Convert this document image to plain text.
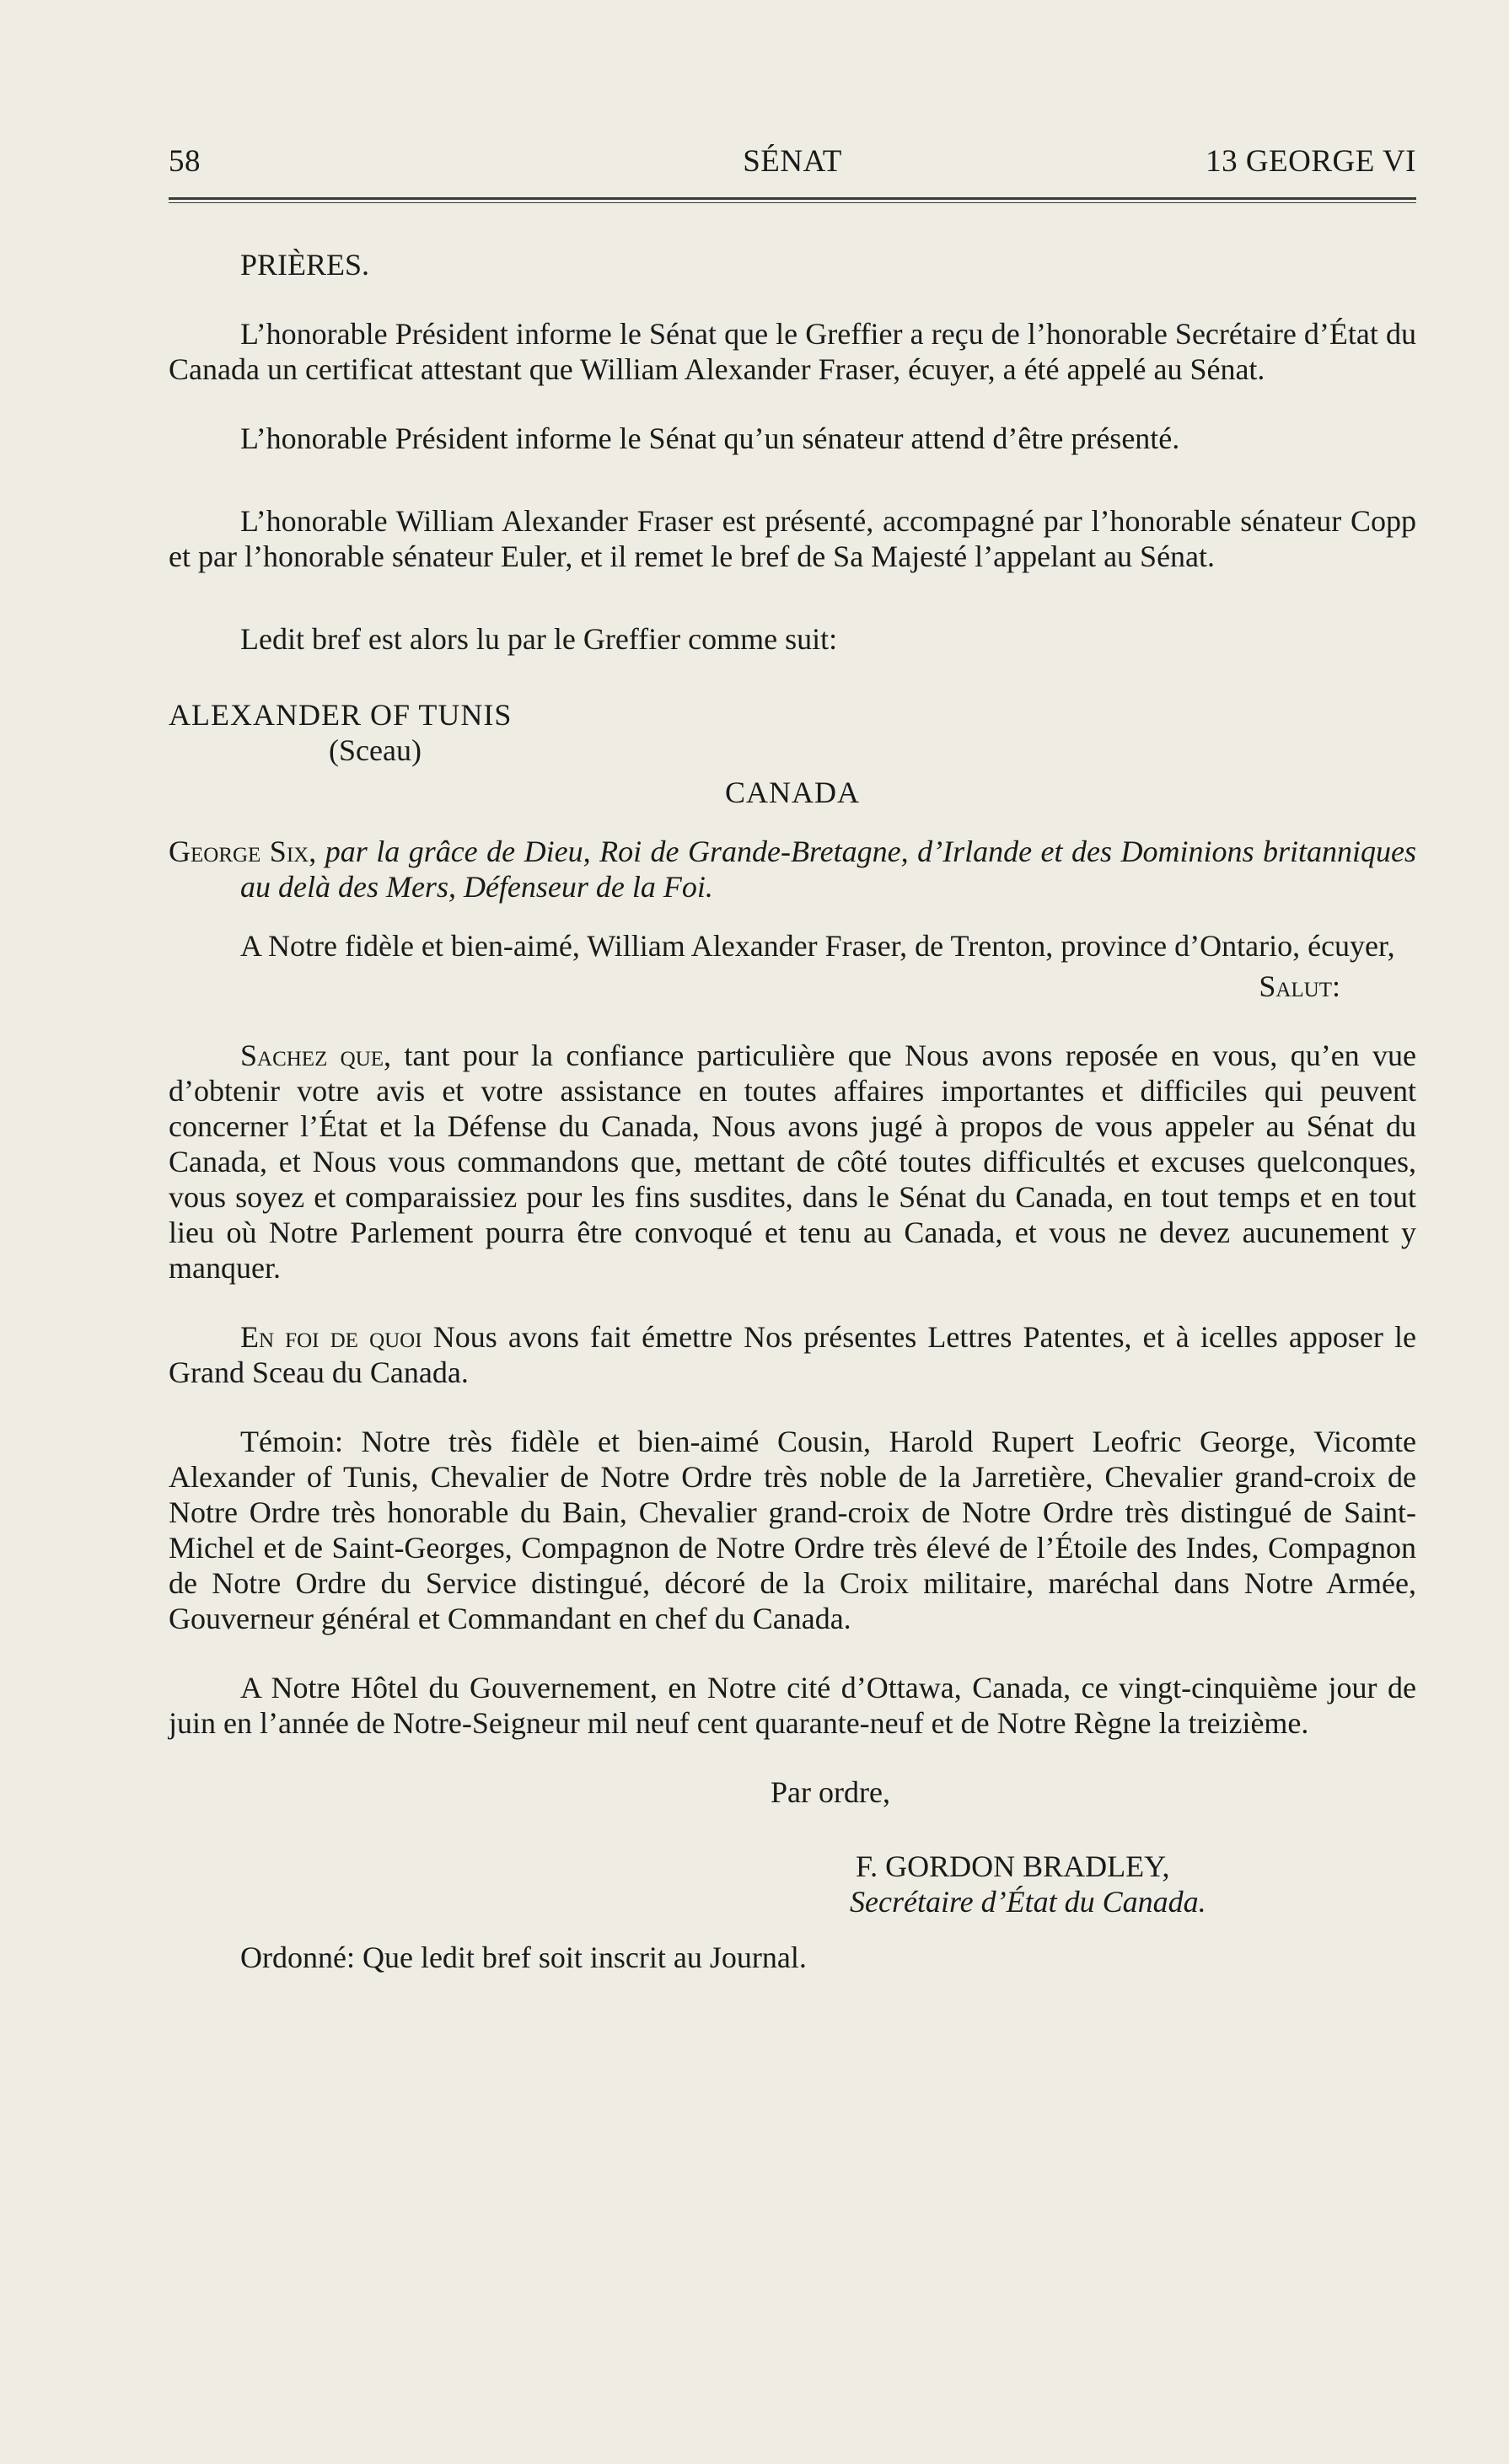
58	SÉNAT	13 GEORGE VI

PRIÈRES.

L’honorable Président informe le Sénat que le Greffier a reçu de l’honorable Secrétaire d’État du Canada un certificat attestant que William Alexander Fraser, écuyer, a été appelé au Sénat.

L’honorable Président informe le Sénat qu’un sénateur attend d’être présenté.

L’honorable William Alexander Fraser est présenté, accompagné par l’honorable sénateur Copp et par l’honorable sénateur Euler, et il remet le bref de Sa Majesté l’appelant au Sénat.

Ledit bref est alors lu par le Greffier comme suit:

ALEXANDER OF TUNIS
(Sceau)
CANADA

George Six, par la grâce de Dieu, Roi de Grande-Bretagne, d’Irlande et des Dominions britanniques au delà des Mers, Défenseur de la Foi.

A Notre fidèle et bien-aimé, William Alexander Fraser, de Trenton, province d’Ontario, écuyer,

Salut:

Sachez que, tant pour la confiance particulière que Nous avons reposée en vous, qu’en vue d’obtenir votre avis et votre assistance en toutes affaires importantes et difficiles qui peuvent concerner l’État et la Défense du Canada, Nous avons jugé à propos de vous appeler au Sénat du Canada, et Nous vous commandons que, mettant de côté toutes difficultés et excuses quelconques, vous soyez et comparaissiez pour les fins susdites, dans le Sénat du Canada, en tout temps et en tout lieu où Notre Parlement pourra être convoqué et tenu au Canada, et vous ne devez aucunement y manquer.

En foi de quoi Nous avons fait émettre Nos présentes Lettres Patentes, et à icelles apposer le Grand Sceau du Canada.

Témoin: Notre très fidèle et bien-aimé Cousin, Harold Rupert Leofric George, Vicomte Alexander of Tunis, Chevalier de Notre Ordre très noble de la Jarretière, Chevalier grand-croix de Notre Ordre très honorable du Bain, Chevalier grand-croix de Notre Ordre très distingué de Saint-Michel et de Saint-Georges, Compagnon de Notre Ordre très élevé de l’Étoile des Indes, Compagnon de Notre Ordre du Service distingué, décoré de la Croix militaire, maréchal dans Notre Armée, Gouverneur général et Commandant en chef du Canada.

A Notre Hôtel du Gouvernement, en Notre cité d’Ottawa, Canada, ce vingt-cinquième jour de juin en l’année de Notre-Seigneur mil neuf cent quarante-neuf et de Notre Règne la treizième.

Par ordre,

F. GORDON BRADLEY,

Secrétaire d’État du Canada.

Ordonné: Que ledit bref soit inscrit au Journal.
